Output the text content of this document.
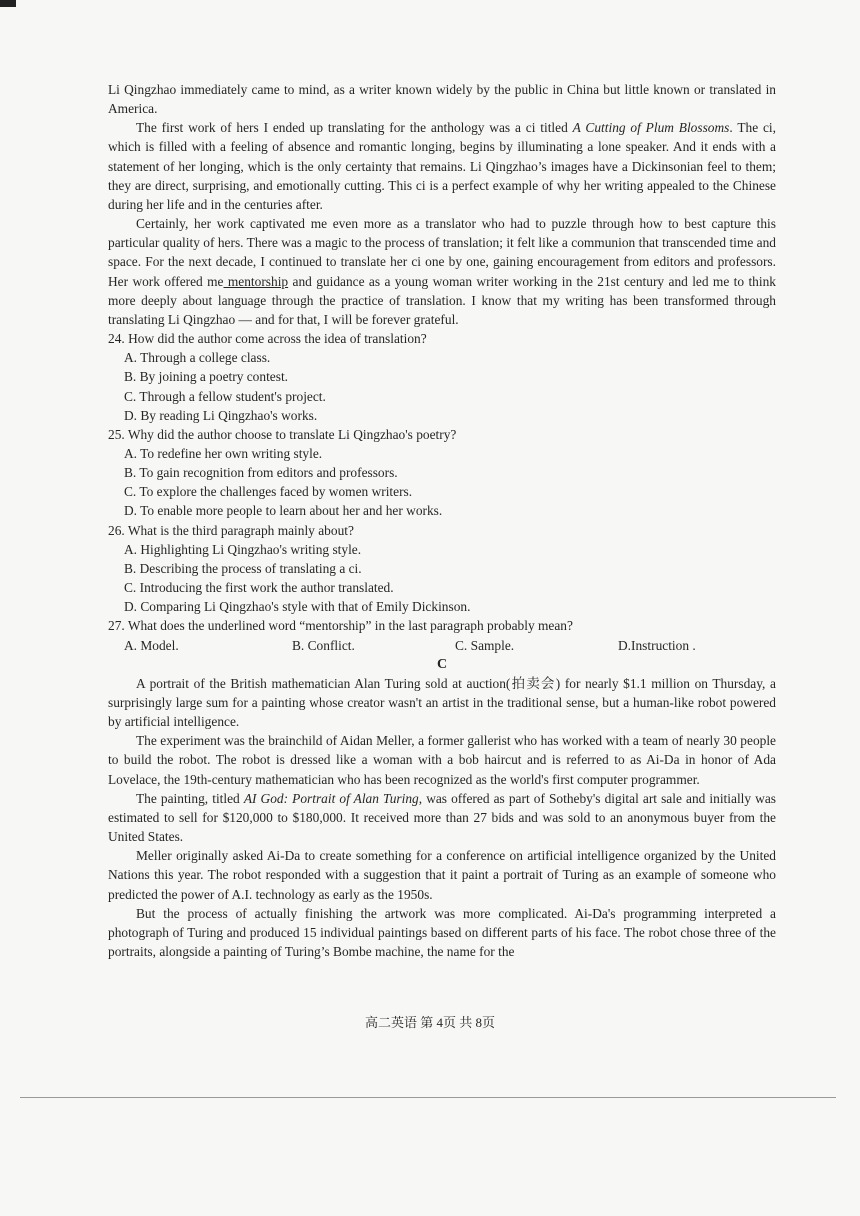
Li Qingzhao immediately came to mind, as a writer known widely by the public in China but little known or translated in America.

The first work of hers I ended up translating for the anthology was a ci titled A Cutting of Plum Blossoms. The ci, which is filled with a feeling of absence and romantic longing, begins by illuminating a lone speaker. And it ends with a statement of her longing, which is the only certainty that remains. Li Qingzhao’s images have a Dickinsonian feel to them; they are direct, surprising, and emotionally cutting. This ci is a perfect example of why her writing appealed to the Chinese during her life and in the centuries after.

Certainly, her work captivated me even more as a translator who had to puzzle through how to best capture this particular quality of hers. There was a magic to the process of translation; it felt like a communion that transcended time and space. For the next decade, I continued to translate her ci one by one, gaining encouragement from editors and professors. Her work offered me mentorship and guidance as a young woman writer working in the 21st century and led me to think more deeply about language through the practice of translation. I know that my writing has been transformed through translating Li Qingzhao — and for that, I will be forever grateful.

24. How did the author come across the idea of translation?

A. Through a college class.

B. By joining a poetry contest.

C. Through a fellow student's project.

D. By reading Li Qingzhao's works.

25. Why did the author choose to translate Li Qingzhao's poetry?

A. To redefine her own writing style.

B. To gain recognition from editors and professors.

C. To explore the challenges faced by women writers.

D. To enable more people to learn about her and her works.

26. What is the third paragraph mainly about?

A. Highlighting Li Qingzhao's writing style.

B. Describing the process of translating a ci.

C. Introducing the first work the author translated.

D. Comparing Li Qingzhao's style with that of Emily Dickinson.

27. What does the underlined word “mentorship” in the last paragraph probably mean?

A. Model.	B. Conflict.	C. Sample.	D.Instruction .

C

A portrait of the British mathematician Alan Turing sold at auction(拍卖会) for nearly $1.1 million on Thursday, a surprisingly large sum for a painting whose creator wasn't an artist in the traditional sense, but a human-like robot powered by artificial intelligence.

The experiment was the brainchild of Aidan Meller, a former gallerist who has worked with a team of nearly 30 people to build the robot. The robot is dressed like a woman with a bob haircut and is referred to as Ai-Da in honor of Ada Lovelace, the 19th-century mathematician who has been recognized as the world's first computer programmer.

The painting, titled AI God: Portrait of Alan Turing, was offered as part of Sotheby's digital art sale and initially was estimated to sell for $120,000 to $180,000. It received more than 27 bids and was sold to an anonymous buyer from the United States.

Meller originally asked Ai-Da to create something for a conference on artificial intelligence organized by the United Nations this year. The robot responded with a suggestion that it paint a portrait of Turing as an example of someone who predicted the power of A.I. technology as early as the 1950s.

But the process of actually finishing the artwork was more complicated. Ai-Da's programming interpreted a photograph of Turing and produced 15 individual paintings based on different parts of his face. The robot chose three of the portraits, alongside a painting of Turing’s Bombe machine, the name for the

高二英语 第 4页 共 8页
